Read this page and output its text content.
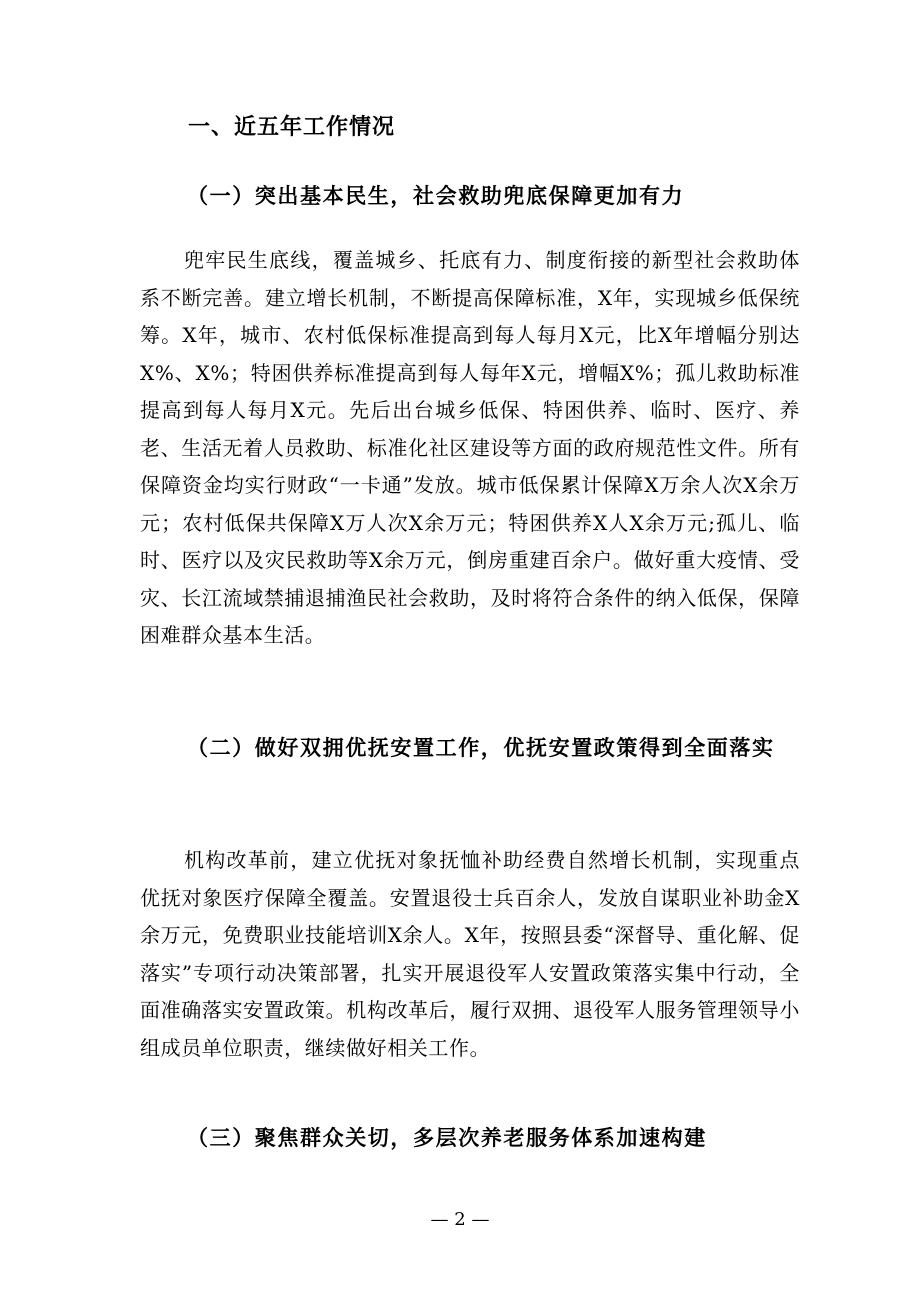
一、近五年工作情况
（一）突出基本民生，社会救助兜底保障更加有力

兜牢民生底线，覆盖城乡、托底有力、制度衔接的新型社会救助体系不断完善。建立增长机制，不断提高保障标准，X年，实现城乡低保统筹。X年，城市、农村低保标准提高到每人每月X元，比X年增幅分别达X%、X%；特困供养标准提高到每人每年X元，增幅X%；孤儿救助标准提高到每人每月X元。先后出台城乡低保、特困供养、临时、医疗、养老、生活无着人员救助、标准化社区建设等方面的政府规范性文件。所有保障资金均实行财政“一卡通”发放。城市低保累计保障X万余人次X余万元；农村低保共保障X万人次X余万元；特困供养X人X余万元;孤儿、临时、医疗以及灾民救助等X余万元，倒房重建百余户。做好重大疫情、受灾、长江流域禁捕退捕渔民社会救助，及时将符合条件的纳入低保，保障困难群众基本生活。

（二）做好双拥优抚安置工作，优抚安置政策得到全面落实

机构改革前，建立优抚对象抚恤补助经费自然增长机制，实现重点优抚对象医疗保障全覆盖。安置退役士兵百余人，发放自谋职业补助金X余万元，免费职业技能培训X余人。X年，按照县委“深督导、重化解、促落实”专项行动决策部署，扎实开展退役军人安置政策落实集中行动，全面准确落实安置政策。机构改革后，履行双拥、退役军人服务管理领导小组成员单位职责，继续做好相关工作。

（三）聚焦群众关切，多层次养老服务体系加速构建
— 2 —
